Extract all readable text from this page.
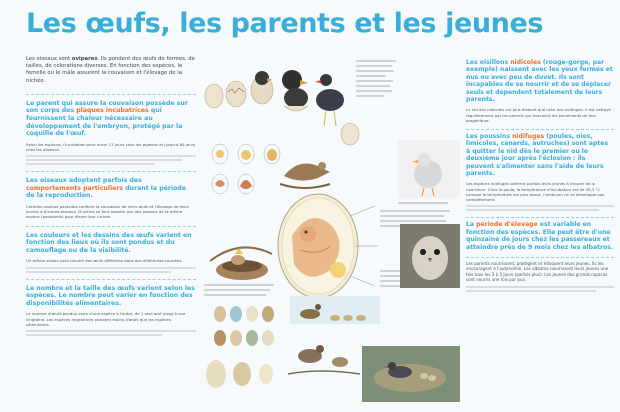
Les œufs, les parents et les jeunes
Les oiseaux sont ovipares. Ils pondent des œufs de formes, de tailles, de colorations diverses. En fonction des espèces, la femelle ou le mâle assurent la couvaison et l'élevage de la nichée.
Le parent qui assure la couvaison possède sur son corps des plaques incubatrices qui fournissent la chaleur nécessaire au développement de l'embryon, protégé par la coquille de l'œuf.
Selon les espèces, l'incubation peut durer 17 jours chez les pigeons et jusqu'à 80 jours chez les albatros.
Les oiseaux adoptent parfois des comportements particuliers durant la période de la reproduction.
Certains oiseaux parasites confient la couvaison de leurs œufs et l'élevage de leurs jeunes à d'autres oiseaux. D'autres se font assister par des oiseaux de la même espèce (assistants) pour élever leur nichée.
Les couleurs et les dessins des œufs varient en fonction des lieux où ils sont pondus et du camouflage ou de la visibilité.
Un même oiseau peut pondre des œufs différents dans des différentes couvées.
Le nombre et la taille des œufs varient selon les espèces. Le nombre peut varier en fonction des disponibilités alimentaires.
Le nombre d'œufs pondus varie d'une espèce à l'autre, de 1 seul œuf jusqu'à une vingtaine. Les espèces migratrices pondent moins d'œufs que les espèces sédentaires.
Les oisillons nidicoles (rouge-gorge, par exemple) naissent avec les yeux fermés et nus ou avec peu de duvet. Ils sont incapables de se nourrir et de se déplacer seuls et dépendent totalement de leurs parents.
Le nid des nidicoles est plus élaboré que celui des nidifuges. Il est nettoyé régulièrement par les parents qui évacuent les excréments de leur progéniture.
Les poussins nidifuges (poules, oies, limicoles, canards, autruches) sont aptes à quitter le nid dès le premier ou le deuxième jour après l'éclosion : ils peuvent s'alimenter sans l'aide de leurs parents.
Les espèces nidifuges sidèrent parfois leurs jeunes à trouver de la nourriture. Chez la poule, la température d'incubation est de 38,5 °C. Lorsque la température est plus basse, l'embryon ne se développe pas complètement.
La période d'élevage est variable en fonction des espèces. Elle peut être d'une quinzaine de jours chez les passereaux et atteindre près de 9 mois chez les albatros.
Les parents nourrissent, protègent et éduquent leurs jeunes. Ils les encouragent à l'autonomie. Les albatros nourrissent leurs jeunes une fois tous les 3 à 5 jours (parfois plus). Les jeunes des grands rapaces sont nourris une fois par jour.
